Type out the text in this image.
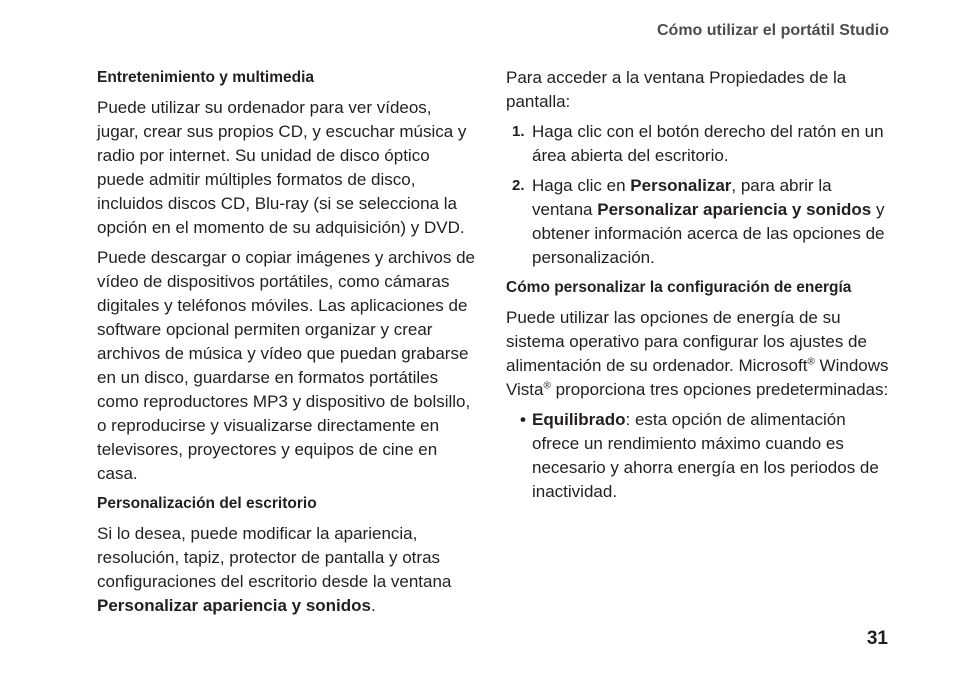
Cómo utilizar el portátil Studio
Entretenimiento y multimedia

Puede utilizar su ordenador para ver vídeos, jugar, crear sus propios CD, y escuchar música y radio por internet. Su unidad de disco óptico puede admitir múltiples formatos de disco, incluidos discos CD, Blu-ray (si se selecciona la opción en el momento de su adquisición) y DVD.

Puede descargar o copiar imágenes y archivos de vídeo de dispositivos portátiles, como cámaras digitales y teléfonos móviles. Las aplicaciones de software opcional permiten organizar y crear archivos de música y vídeo que puedan grabarse en un disco, guardarse en formatos portátiles como reproductores MP3 y dispositivo de bolsillo, o reproducirse y visualizarse directamente en televisores, proyectores y equipos de cine en casa.

Personalización del escritorio

Si lo desea, puede modificar la apariencia, resolución, tapiz, protector de pantalla y otras configuraciones del escritorio desde la ventana Personalizar apariencia y sonidos.

Para acceder a la ventana Propiedades de la pantalla:

1. Haga clic con el botón derecho del ratón en un área abierta del escritorio.
2. Haga clic en Personalizar, para abrir la ventana Personalizar apariencia y sonidos y obtener información acerca de las opciones de personalización.
Cómo personalizar la configuración de energía

Puede utilizar las opciones de energía de su sistema operativo para configurar los ajustes de alimentación de su ordenador. Microsoft® Windows Vista® proporciona tres opciones predeterminadas:

• Equilibrado: esta opción de alimentación ofrece un rendimiento máximo cuando es necesario y ahorra energía en los periodos de inactividad.
31
